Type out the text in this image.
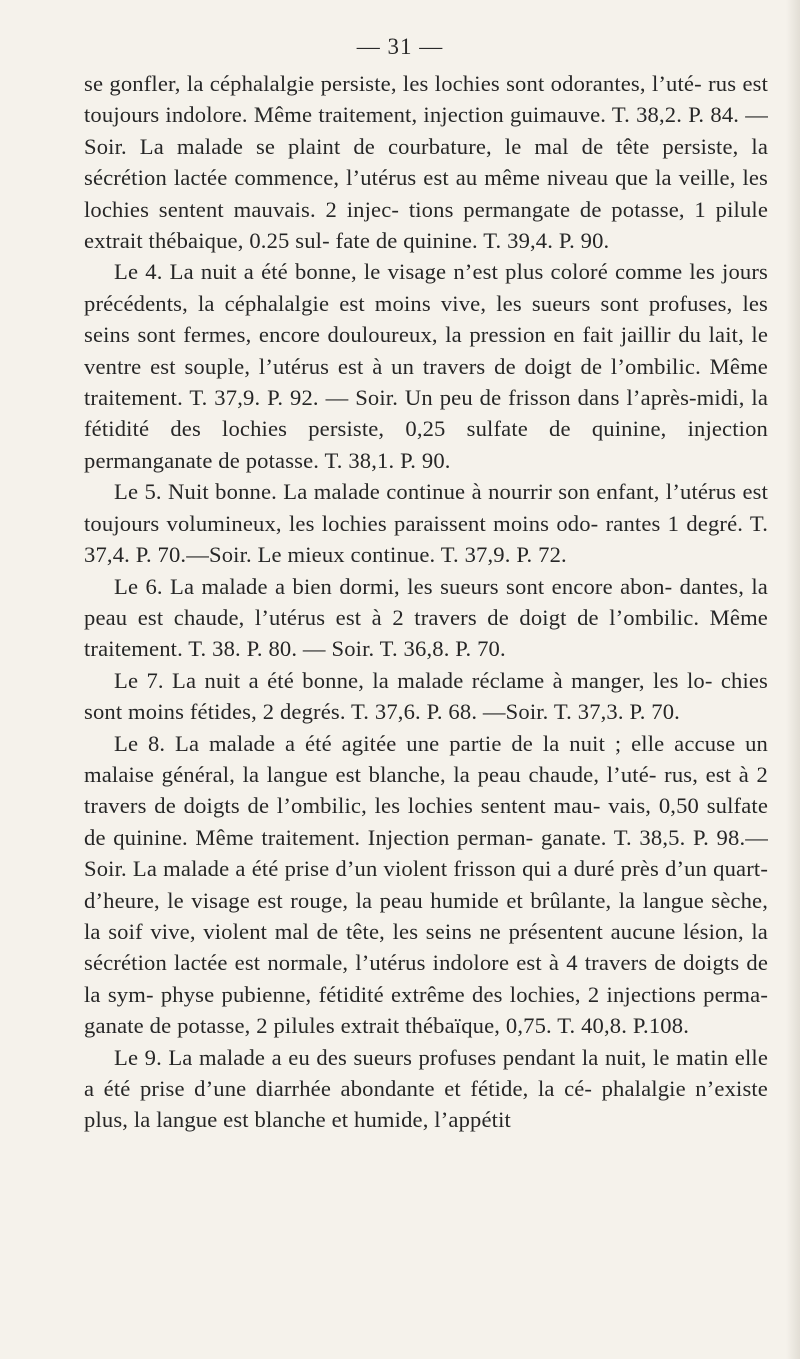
— 31 —

se gonfler, la céphalalgie persiste, les lochies sont odorantes, l’uté- rus est toujours indolore. Même traitement, injection guimauve. T. 38,2. P. 84. — Soir. La malade se plaint de courbature, le mal de tête persiste, la sécrétion lactée commence, l’utérus est au même niveau que la veille, les lochies sentent mauvais. 2 injec- tions permangate de potasse, 1 pilule extrait thébaique, 0.25 sul- fate de quinine. T. 39,4. P. 90.

Le 4. La nuit a été bonne, le visage n’est plus coloré comme les jours précédents, la céphalalgie est moins vive, les sueurs sont profuses, les seins sont fermes, encore douloureux, la pression en fait jaillir du lait, le ventre est souple, l’utérus est à un travers de doigt de l’ombilic. Même traitement. T. 37,9. P. 92. — Soir. Un peu de frisson dans l’après-midi, la fétidité des lochies persiste, 0,25 sulfate de quinine, injection permanganate de potasse. T. 38,1. P. 90.

Le 5. Nuit bonne. La malade continue à nourrir son enfant, l’utérus est toujours volumineux, les lochies paraissent moins odo- rantes 1 degré. T. 37,4. P. 70.—Soir. Le mieux continue. T. 37,9. P. 72.

Le 6. La malade a bien dormi, les sueurs sont encore abon- dantes, la peau est chaude, l’utérus est à 2 travers de doigt de l’ombilic. Même traitement. T. 38. P. 80. — Soir. T. 36,8. P. 70.

Le 7. La nuit a été bonne, la malade réclame à manger, les lo- chies sont moins fétides, 2 degrés. T. 37,6. P. 68. —Soir. T. 37,3. P. 70.

Le 8. La malade a été agitée une partie de la nuit ; elle accuse un malaise général, la langue est blanche, la peau chaude, l’uté- rus, est à 2 travers de doigts de l’ombilic, les lochies sentent mau- vais, 0,50 sulfate de quinine. Même traitement. Injection perman- ganate. T. 38,5. P. 98.— Soir. La malade a été prise d’un violent frisson qui a duré près d’un quart-d’heure, le visage est rouge, la peau humide et brûlante, la langue sèche, la soif vive, violent mal de tête, les seins ne présentent aucune lésion, la sécrétion lactée est normale, l’utérus indolore est à 4 travers de doigts de la sym- physe pubienne, fétidité extrême des lochies, 2 injections perma- ganate de potasse, 2 pilules extrait thébaïque, 0,75. T. 40,8. P.108.

Le 9. La malade a eu des sueurs profuses pendant la nuit, le matin elle a été prise d’une diarrhée abondante et fétide, la cé- phalalgie n’existe plus, la langue est blanche et humide, l’appétit
